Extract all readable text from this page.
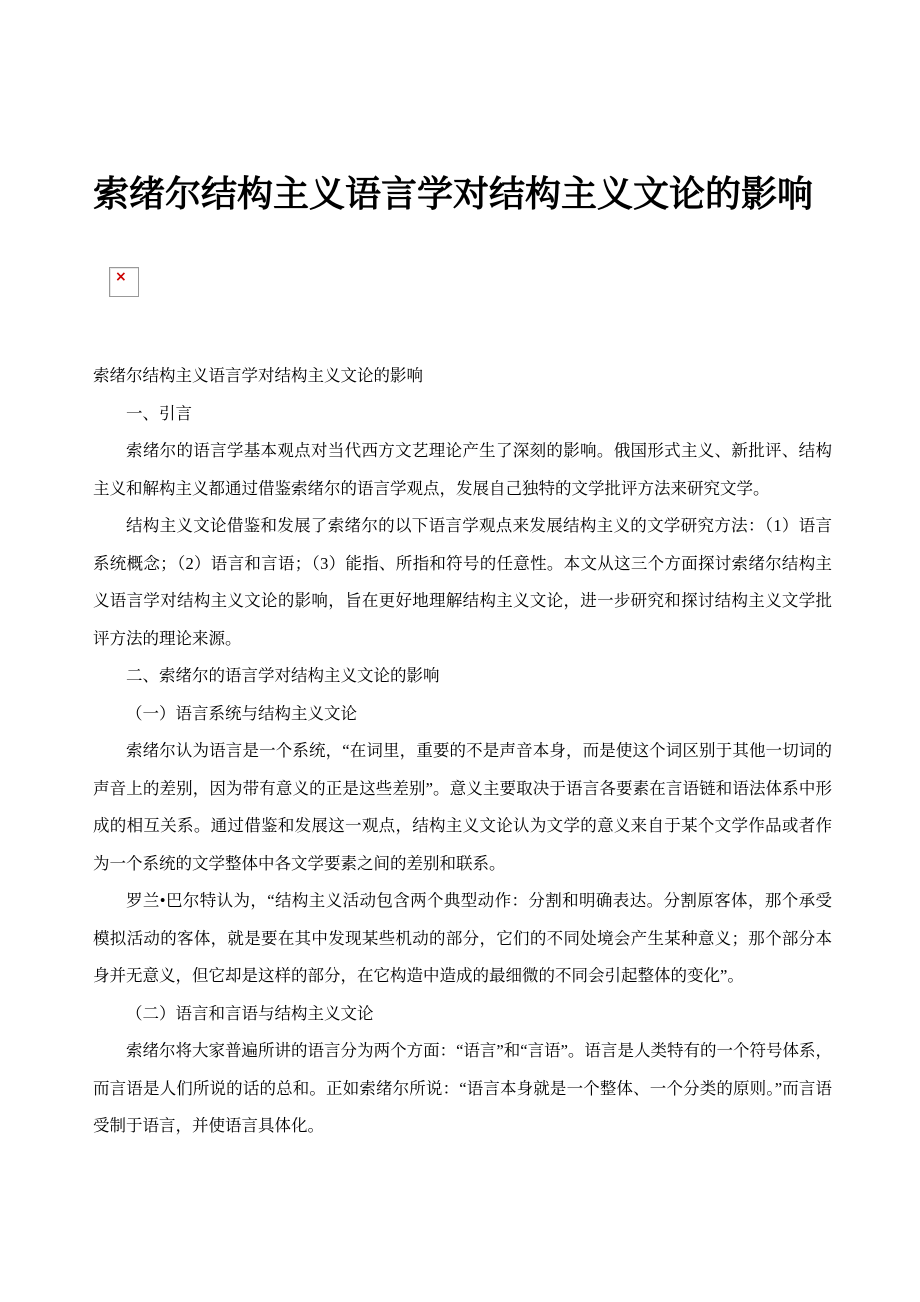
索绪尔结构主义语言学对结构主义文论的影响
×

索绪尔结构主义语言学对结构主义文论的影响

一、引言

索绪尔的语言学基本观点对当代西方文艺理论产生了深刻的影响。俄国形式主义、新批评、结构主义和解构主义都通过借鉴索绪尔的语言学观点，发展自己独特的文学批评方法来研究文学。

结构主义文论借鉴和发展了索绪尔的以下语言学观点来发展结构主义的文学研究方法：（1）语言系统概念；（2）语言和言语；（3）能指、所指和符号的任意性。本文从这三个方面探讨索绪尔结构主义语言学对结构主义文论的影响，旨在更好地理解结构主义文论，进一步研究和探讨结构主义文学批评方法的理论来源。

二、索绪尔的语言学对结构主义文论的影响

（一）语言系统与结构主义文论

索绪尔认为语言是一个系统，“在词里，重要的不是声音本身，而是使这个词区别于其他一切词的声音上的差别，因为带有意义的正是这些差别”。意义主要取决于语言各要素在言语链和语法体系中形成的相互关系。通过借鉴和发展这一观点，结构主义文论认为文学的意义来自于某个文学作品或者作为一个系统的文学整体中各文学要素之间的差别和联系。

罗兰•巴尔特认为，“结构主义活动包含两个典型动作：分割和明确表达。分割原客体，那个承受模拟活动的客体，就是要在其中发现某些机动的部分，它们的不同处境会产生某种意义；那个部分本身并无意义，但它却是这样的部分，在它构造中造成的最细微的不同会引起整体的变化”。

（二）语言和言语与结构主义文论

索绪尔将大家普遍所讲的语言分为两个方面：“语言”和“言语”。语言是人类特有的一个符号体系，而言语是人们所说的话的总和。正如索绪尔所说：“语言本身就是一个整体、一个分类的原则。”而言语受制于语言，并使语言具体化。
